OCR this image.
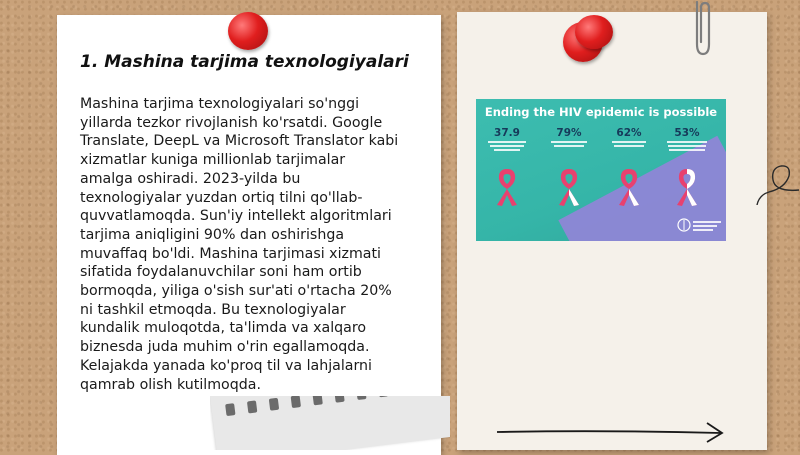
1. Mashina tarjima texnologiyalari
Mashina tarjima texnologiyalari so'nggi
yillarda tezkor rivojlanish ko'rsatdi. Google
Translate, DeepL va Microsoft Translator kabi
xizmatlar kuniga millionlab tarjimalar
amalga oshiradi. 2023-yilda bu
texnologiyalar yuzdan ortiq tilni qo'llab-
quvvatlamoqda. Sun'iy intellekt algoritmlari
tarjima aniqligini 90% dan oshirishga
muvaffaq bo'ldi. Mashina tarjimasi xizmati
sifatida foydalanuvchilar soni ham ortib
bormoqda, yiliga o'sish sur'ati o'rtacha 20%
ni tashkil etmoqda. Bu texnologiyalar
kundalik muloqotda, ta'limda va xalqaro
biznesda juda muhim o'rin egallamoqda.
Kelajakda yanada ko'proq til va lahjalarni
qamrab olish kutilmoqda.
Ending the HIV epidemic is possible
37.9	79%	62%	53%
